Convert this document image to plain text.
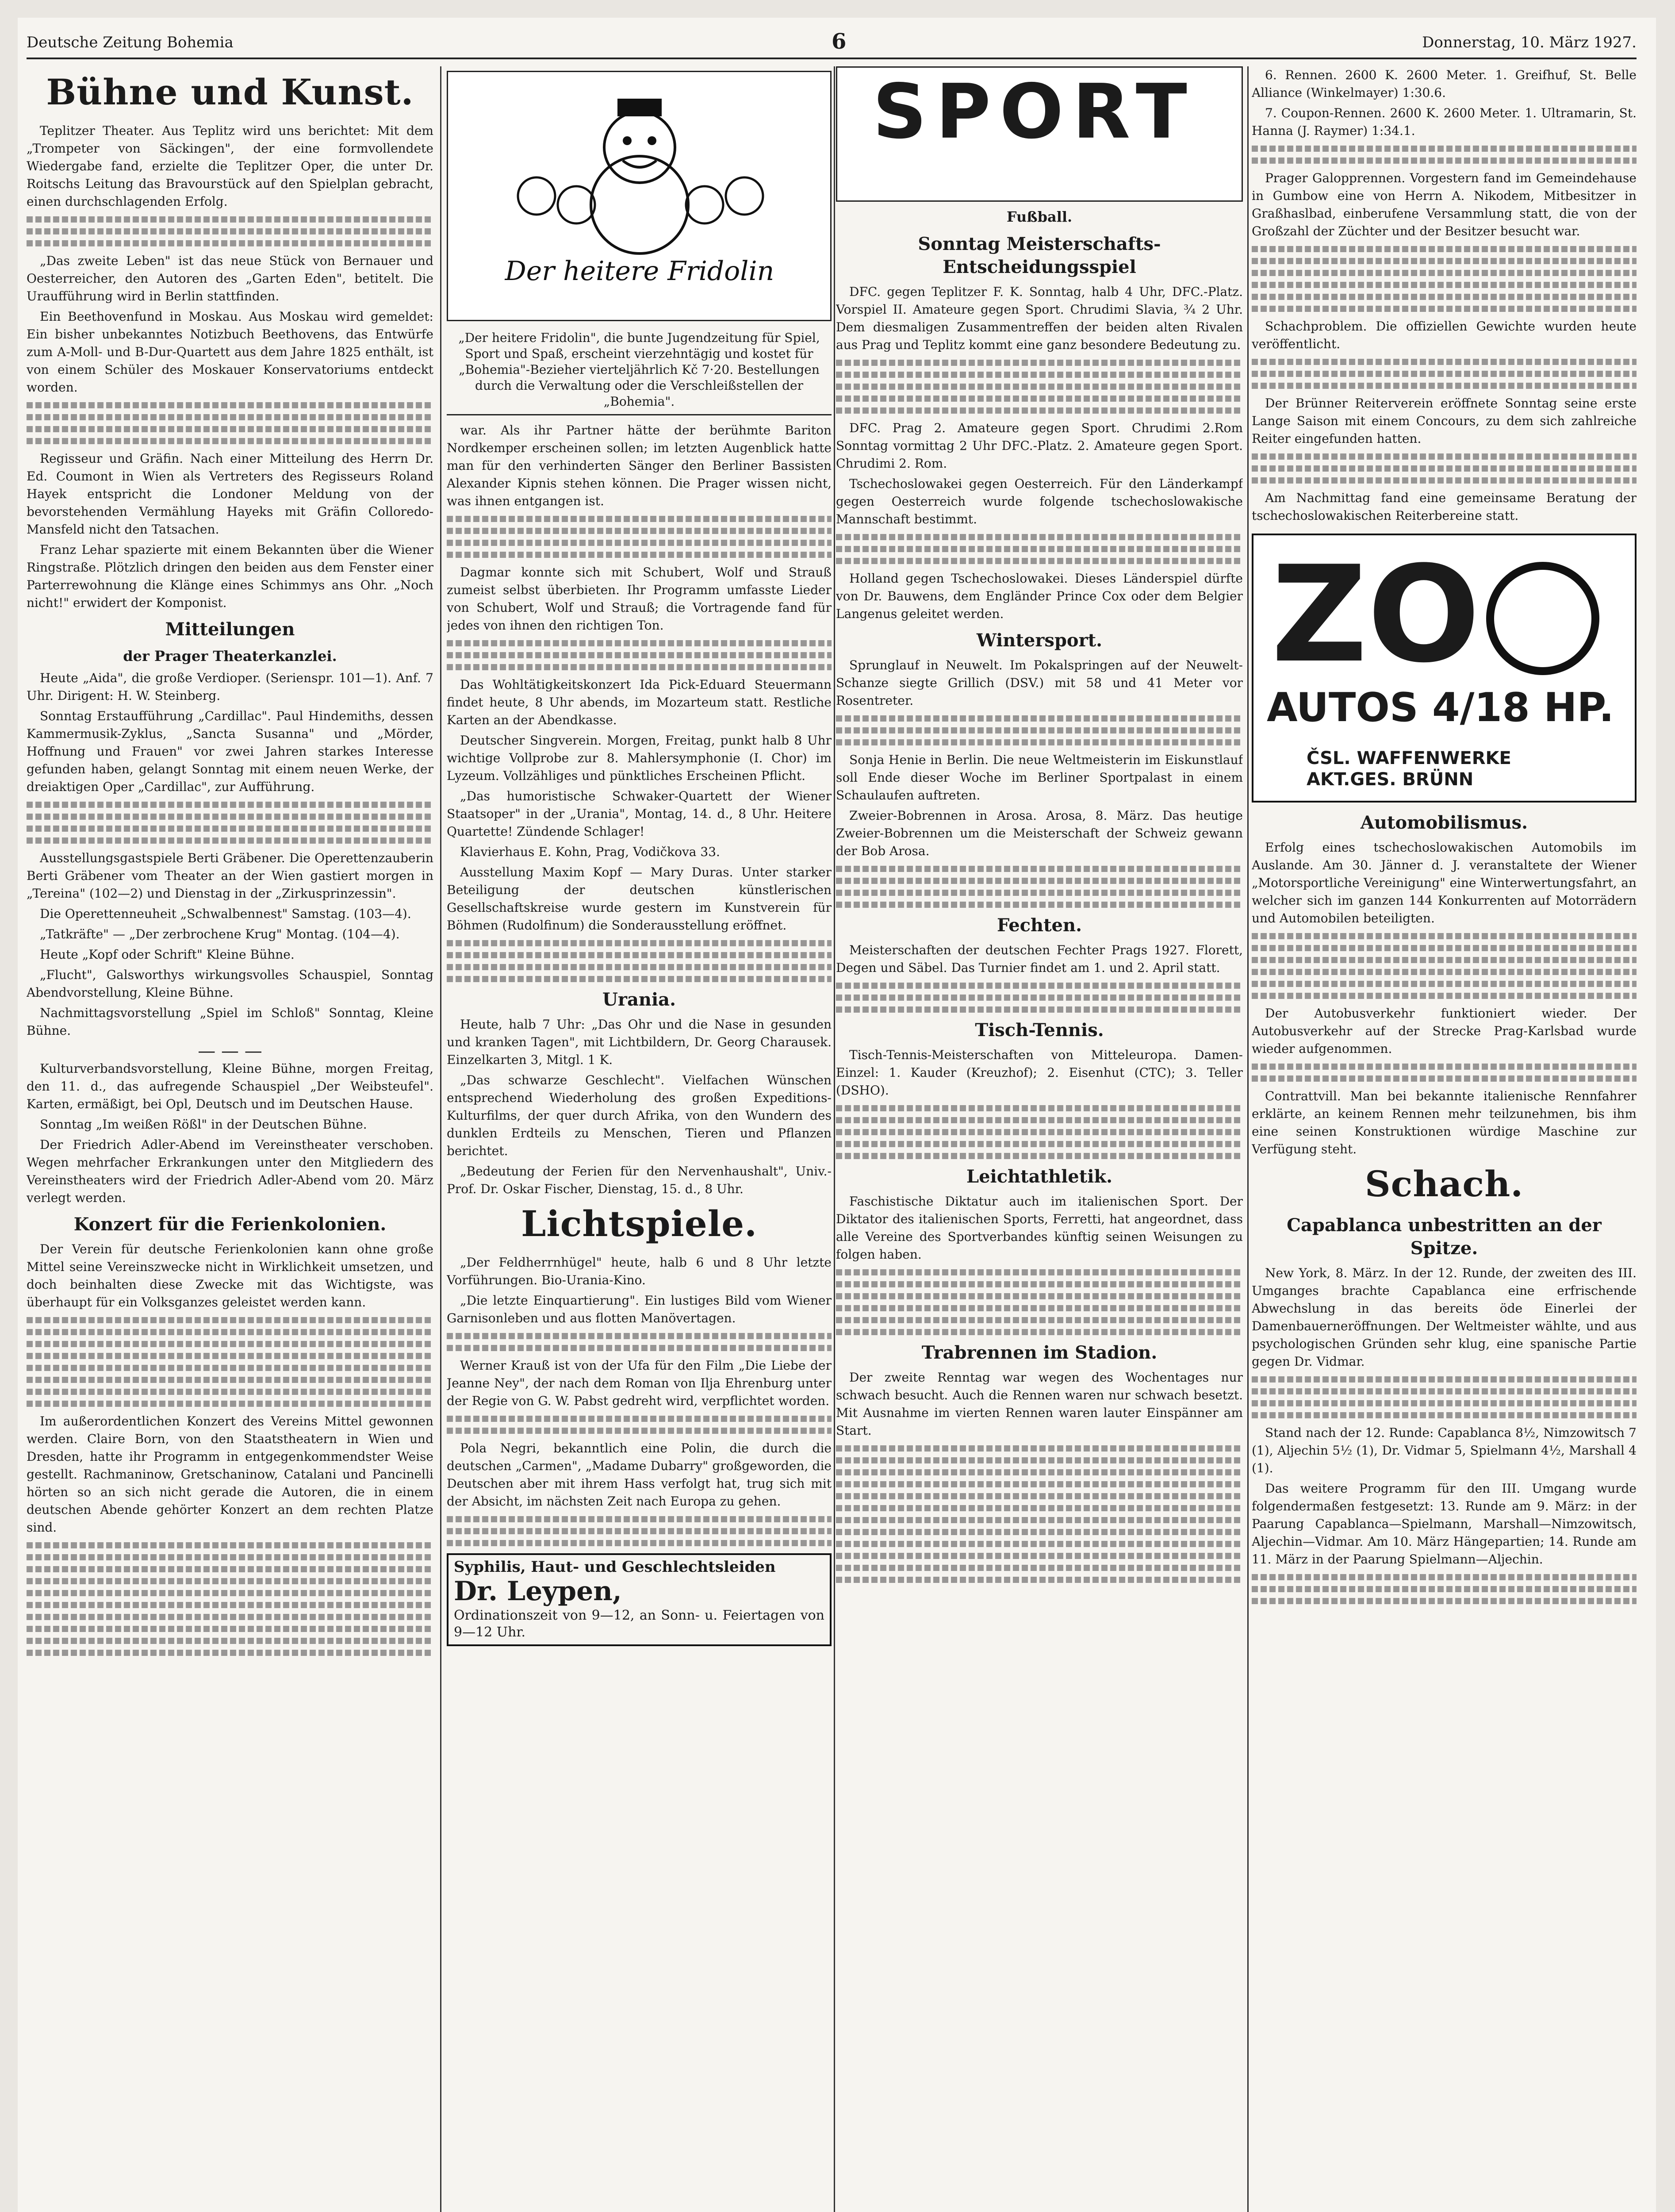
Deutsche Zeitung Bohemia	6	Donnerstag, 10. März 1927.
Bühne und Kunst.

Teplitzer Theater. Aus Teplitz wird uns berichtet: Mit dem „Trompeter von Säckingen", der eine formvollendete Wiedergabe fand, erzielte die Teplitzer Oper, die unter Dr. Roitschs Leitung das Bravourstück auf den Spielplan gebracht, einen durchschlagenden Erfolg.

„Das zweite Leben" ist das neue Stück von Bernauer und Oesterreicher, den Autoren des „Garten Eden", betitelt. Die Uraufführung wird in Berlin stattfinden.

Ein Beethovenfund in Moskau. Aus Moskau wird gemeldet: Ein bisher unbekanntes Notizbuch Beethovens, das Entwürfe zum A-Moll- und B-Dur-Quartett aus dem Jahre 1825 enthält, ist von einem Schüler des Moskauer Konservatoriums entdeckt worden.

Regisseur und Gräfin. Nach einer Mitteilung des Herrn Dr. Ed. Coumont in Wien als Vertreters des Regisseurs Roland Hayek entspricht die Londoner Meldung von der bevorstehenden Vermählung Hayeks mit Gräfin Colloredo-Mansfeld nicht den Tatsachen.

Franz Lehar spazierte mit einem Bekannten über die Wiener Ringstraße. Plötzlich dringen den beiden aus dem Fenster einer Parterrewohnung die Klänge eines Schimmys ans Ohr. „Noch nicht!" erwidert der Komponist.

Mitteilungen
der Prager Theaterkanzlei.

Heute „Aida", die große Verdioper. (Serienspr. 101—1). Anf. 7 Uhr. Dirigent: H. W. Steinberg.

Sonntag Erstaufführung „Cardillac". Paul Hindemiths, dessen Kammermusik-Zyklus, „Sancta Susanna" und „Mörder, Hoffnung und Frauen" vor zwei Jahren starkes Interesse gefunden haben, gelangt Sonntag mit einem neuen Werke, der dreiaktigen Oper „Cardillac", zur Aufführung.

Ausstellungsgastspiele Berti Gräbener. Die Operettenzauberin Berti Gräbener vom Theater an der Wien gastiert morgen in „Tereina" (102—2) und Dienstag in der „Zirkusprinzessin".

Die Operettenneuheit „Schwalbennest" Samstag. (103—4).

„Tatkräfte" — „Der zerbrochene Krug" Montag. (104—4).

Heute „Kopf oder Schrift" Kleine Bühne.

„Flucht", Galsworthys wirkungsvolles Schauspiel, Sonntag Abendvorstellung, Kleine Bühne.

Nachmittagsvorstellung „Spiel im Schloß" Sonntag, Kleine Bühne.

— — —

Kulturverbandsvorstellung, Kleine Bühne, morgen Freitag, den 11. d., das aufregende Schauspiel „Der Weibsteufel". Karten, ermäßigt, bei Opl, Deutsch und im Deutschen Hause.

Sonntag „Im weißen Rößl" in der Deutschen Bühne.

Der Friedrich Adler-Abend im Vereinstheater verschoben. Wegen mehrfacher Erkrankungen unter den Mitgliedern des Vereinstheaters wird der Friedrich Adler-Abend vom 20. März verlegt werden.

Konzert für die Ferienkolonien.

Der Verein für deutsche Ferienkolonien kann ohne große Mittel seine Vereinszwecke nicht in Wirklichkeit umsetzen, und doch beinhalten diese Zwecke mit das Wichtigste, was überhaupt für ein Volksganzes geleistet werden kann.

Im außerordentlichen Konzert des Vereins Mittel gewonnen werden. Claire Born, von den Staatstheatern in Wien und Dresden, hatte ihr Programm in entgegenkommendster Weise gestellt. Rachmaninow, Gretschaninow, Catalani und Pancinelli hörten so an sich nicht gerade die Autoren, die in einem deutschen Abende gehörter Konzert an dem rechten Platze sind.

Der heitere Fridolin
„Der heitere Fridolin", die bunte Jugendzeitung für Spiel, Sport und Spaß, erscheint vierzehntägig und kostet für „Bohemia"-Bezieher vierteljährlich Kč 7·20. Bestellungen durch die Verwaltung oder die Verschleißstellen der „Bohemia".

war. Als ihr Partner hätte der berühmte Bariton Nordkemper erscheinen sollen; im letzten Augenblick hatte man für den verhinderten Sänger den Berliner Bassisten Alexander Kipnis stehen können. Die Prager wissen nicht, was ihnen entgangen ist.

Dagmar konnte sich mit Schubert, Wolf und Strauß zumeist selbst überbieten. Ihr Programm umfasste Lieder von Schubert, Wolf und Strauß; die Vortragende fand für jedes von ihnen den richtigen Ton.

Das Wohltätigkeitskonzert Ida Pick-Eduard Steuermann findet heute, 8 Uhr abends, im Mozarteum statt. Restliche Karten an der Abendkasse.

Deutscher Singverein. Morgen, Freitag, punkt halb 8 Uhr wichtige Vollprobe zur 8. Mahlersymphonie (I. Chor) im Lyzeum. Vollzähliges und pünktliches Erscheinen Pflicht.

„Das humoristische Schwaker-Quartett der Wiener Staatsoper" in der „Urania", Montag, 14. d., 8 Uhr. Heitere Quartette! Zündende Schlager!

Klavierhaus E. Kohn, Prag, Vodičkova 33.

Ausstellung Maxim Kopf — Mary Duras. Unter starker Beteiligung der deutschen künstlerischen Gesellschaftskreise wurde gestern im Kunstverein für Böhmen (Rudolfinum) die Sonderausstellung eröffnet.

Urania.

Heute, halb 7 Uhr: „Das Ohr und die Nase in gesunden und kranken Tagen", mit Lichtbildern, Dr. Georg Charausek. Einzelkarten 3, Mitgl. 1 K.

„Das schwarze Geschlecht". Vielfachen Wünschen entsprechend Wiederholung des großen Expeditions-Kulturfilms, der quer durch Afrika, von den Wundern des dunklen Erdteils zu Menschen, Tieren und Pflanzen berichtet.

„Bedeutung der Ferien für den Nervenhaushalt", Univ.-Prof. Dr. Oskar Fischer, Dienstag, 15. d., 8 Uhr.

Lichtspiele.

„Der Feldherrnhügel" heute, halb 6 und 8 Uhr letzte Vorführungen. Bio-Urania-Kino.

„Die letzte Einquartierung". Ein lustiges Bild vom Wiener Garnisonleben und aus flotten Manövertagen.

Werner Krauß ist von der Ufa für den Film „Die Liebe der Jeanne Ney", der nach dem Roman von Ilja Ehrenburg unter der Regie von G. W. Pabst gedreht wird, verpflichtet worden.

Pola Negri, bekanntlich eine Polin, die durch die deutschen „Carmen", „Madame Dubarry" großgeworden, die Deutschen aber mit ihrem Hass verfolgt hat, trug sich mit der Absicht, im nächsten Zeit nach Europa zu gehen.

Syphilis, Haut- und Geschlechtsleiden
Dr. Leypen,
Ordinationszeit von 9—12, an Sonn- u. Feiertagen von 9—12 Uhr.
SPORT
Fußball.
Sonntag Meisterschafts-Entscheidungsspiel

DFC. gegen Teplitzer F. K. Sonntag, halb 4 Uhr, DFC.-Platz. Vorspiel II. Amateure gegen Sport. Chrudimi Slavia, ¾ 2 Uhr. Dem diesmaligen Zusammentreffen der beiden alten Rivalen aus Prag und Teplitz kommt eine ganz besondere Bedeutung zu.

DFC. Prag 2. Amateure gegen Sport. Chrudimi 2.Rom Sonntag vormittag 2 Uhr DFC.-Platz. 2. Amateure gegen Sport. Chrudimi 2. Rom.

Tschechoslowakei gegen Oesterreich. Für den Länderkampf gegen Oesterreich wurde folgende tschechoslowakische Mannschaft bestimmt.

Holland gegen Tschechoslowakei. Dieses Länderspiel dürfte von Dr. Bauwens, dem Engländer Prince Cox oder dem Belgier Langenus geleitet werden.

Wintersport.

Sprunglauf in Neuwelt. Im Pokalspringen auf der Neuwelt-Schanze siegte Grillich (DSV.) mit 58 und 41 Meter vor Rosentreter.

Sonja Henie in Berlin. Die neue Weltmeisterin im Eiskunstlauf soll Ende dieser Woche im Berliner Sportpalast in einem Schaulaufen auftreten.

Zweier-Bobrennen in Arosa. Arosa, 8. März. Das heutige Zweier-Bobrennen um die Meisterschaft der Schweiz gewann der Bob Arosa.

Fechten.

Meisterschaften der deutschen Fechter Prags 1927. Florett, Degen und Säbel. Das Turnier findet am 1. und 2. April statt.

Tisch-Tennis.

Tisch-Tennis-Meisterschaften von Mitteleuropa. Damen-Einzel: 1. Kauder (Kreuzhof); 2. Eisenhut (CTC); 3. Teller (DSHO).

Leichtathletik.

Faschistische Diktatur auch im italienischen Sport. Der Diktator des italienischen Sports, Ferretti, hat angeordnet, dass alle Vereine des Sportverbandes künftig seinen Weisungen zu folgen haben.

Trabrennen im Stadion.

Der zweite Renntag war wegen des Wochentages nur schwach besucht. Auch die Rennen waren nur schwach besetzt. Mit Ausnahme im vierten Rennen waren lauter Einspänner am Start.

6. Rennen. 2600 K. 2600 Meter. 1. Greifhuf, St. Belle Alliance (Winkelmayer) 1:30.6.

7. Coupon-Rennen. 2600 K. 2600 Meter. 1. Ultramarin, St. Hanna (J. Raymer) 1:34.1.

Prager Galopprennen. Vorgestern fand im Gemeindehause in Gumbow eine von Herrn A. Nikodem, Mitbesitzer in Graßhaslbad, einberufene Versammlung statt, die von der Großzahl der Züchter und der Besitzer besucht war.

Schachproblem. Die offiziellen Gewichte wurden heute veröffentlicht.

Der Brünner Reiterverein eröffnete Sonntag seine erste Lange Saison mit einem Concours, zu dem sich zahlreiche Reiter eingefunden hatten.

Am Nachmittag fand eine gemeinsame Beratung der tschechoslowakischen Reiterbereine statt.

ZO
AUTOS 4/18 HP.
ČSL. WAFFENWERKE
AKT.GES. BRÜNN
Automobilismus.

Erfolg eines tschechoslowakischen Automobils im Auslande. Am 30. Jänner d. J. veranstaltete der Wiener „Motorsportliche Vereinigung" eine Winterwertungsfahrt, an welcher sich im ganzen 144 Konkurrenten auf Motorrädern und Automobilen beteiligten.

Der Autobusverkehr funktioniert wieder. Der Autobusverkehr auf der Strecke Prag-Karlsbad wurde wieder aufgenommen.

Contrattvill. Man bei bekannte italienische Rennfahrer erklärte, an keinem Rennen mehr teilzunehmen, bis ihm eine seinen Konstruktionen würdige Maschine zur Verfügung steht.

Schach.
Capablanca unbestritten an der Spitze.

New York, 8. März. In der 12. Runde, der zweiten des III. Umganges brachte Capablanca eine erfrischende Abwechslung in das bereits öde Einerlei der Damenbauerneröffnungen. Der Weltmeister wählte, und aus psychologischen Gründen sehr klug, eine spanische Partie gegen Dr. Vidmar.

Stand nach der 12. Runde: Capablanca 8½, Nimzowitsch 7 (1), Aljechin 5½ (1), Dr. Vidmar 5, Spielmann 4½, Marshall 4 (1).

Das weitere Programm für den III. Umgang wurde folgendermaßen festgesetzt: 13. Runde am 9. März: in der Paarung Capablanca—Spielmann, Marshall—Nimzowitsch, Aljechin—Vidmar. Am 10. März Hängepartien; 14. Runde am 11. März in der Paarung Spielmann—Aljechin.
